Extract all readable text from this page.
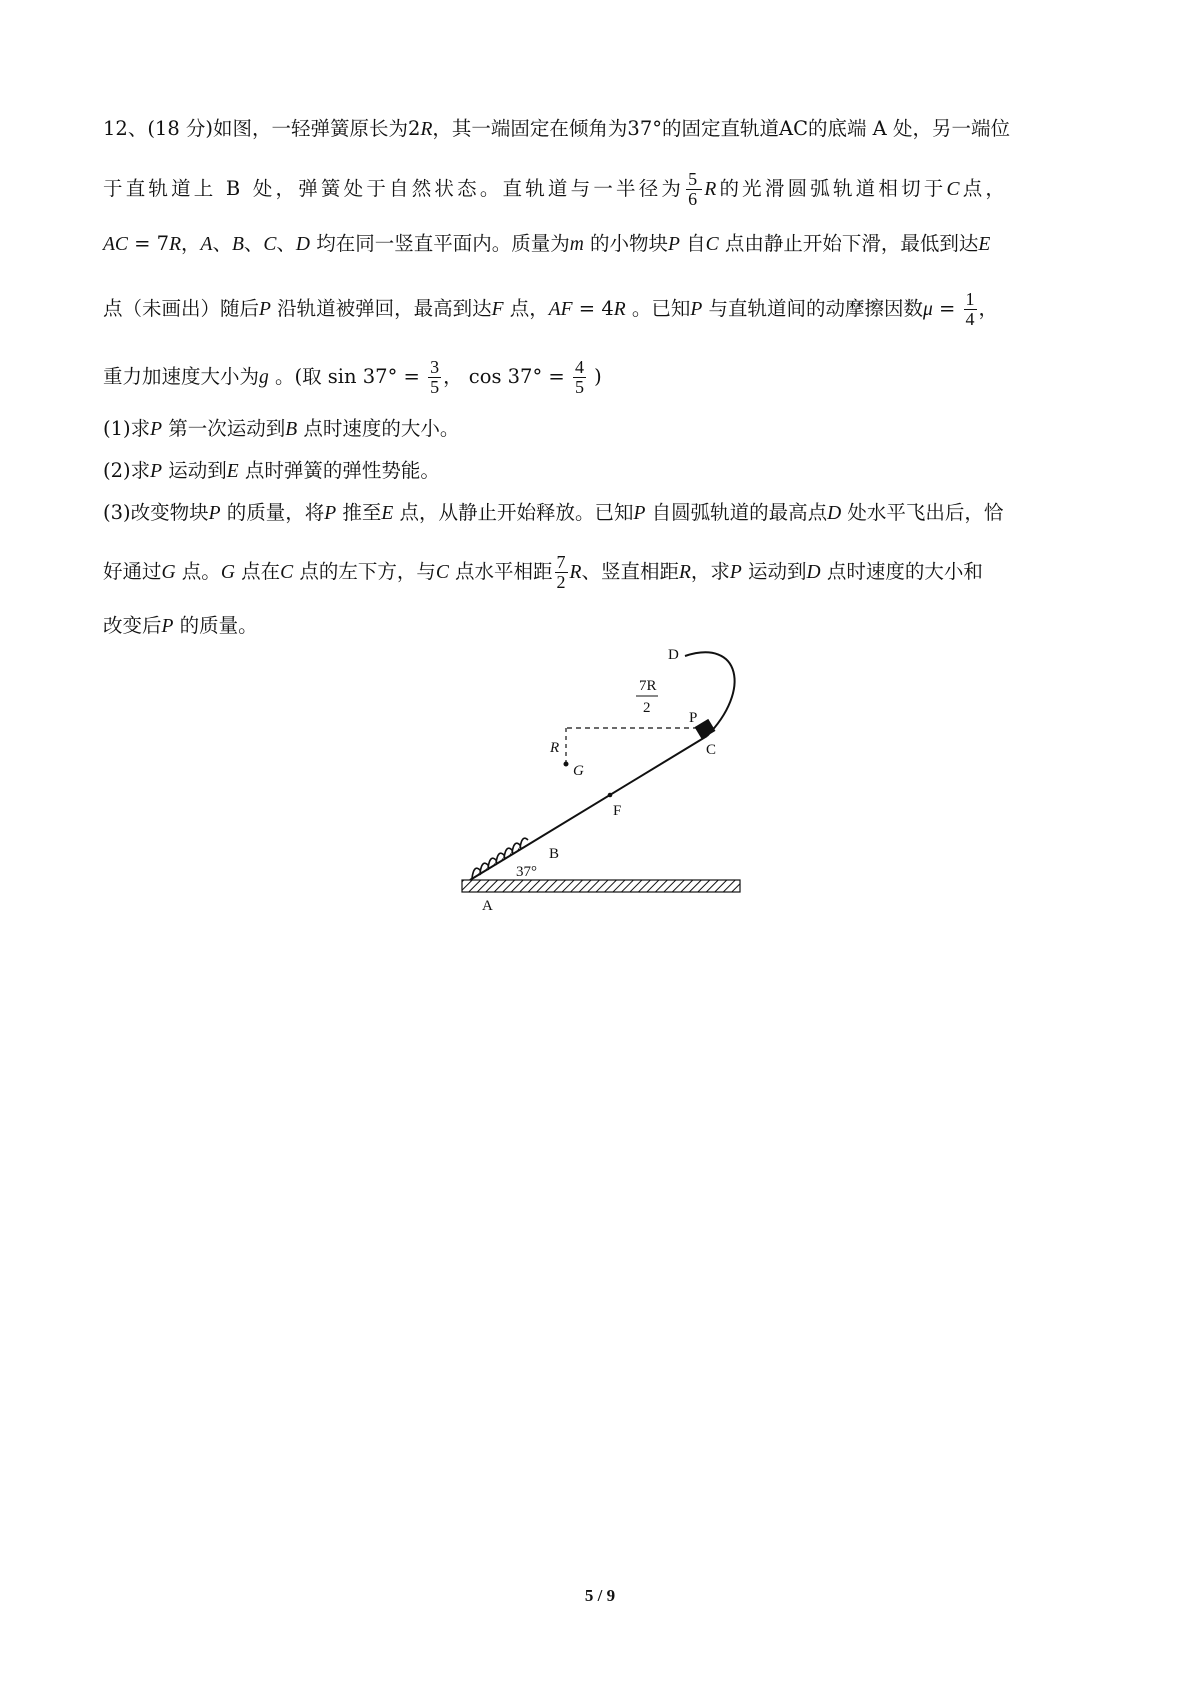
12、(18 分)如图，一轻弹簧原长为2R，其一端固定在倾角为37°的固定直轨道AC的底端 A 处，另一端位
于直轨道上 B 处，弹簧处于自然状态。直轨道与一半径为 $\frac{5}{6}$ R的光滑圆弧轨道相切于C点，
AC = 7R，A、B、C、D 均在同一竖直平面内。质量为m 的小物块P 自C 点由静止开始下滑，最低到达E
点（未画出）随后P 沿轨道被弹回，最高到达F 点，AF = 4R 。已知P 与直轨道间的动摩擦因数$\mu = \frac{1}{4}$ ，
重力加速度大小为g 。(取 $\sin 37^\circ = \frac{3}{5}$ ， $\cos 37^\circ = \frac{4}{5}$ )
(1)求P 第一次运动到B 点时速度的大小。
(2)求P 运动到E 点时弹簧的弹性势能。
(3)改变物块P 的质量，将P 推至E 点，从静止开始释放。已知P 自圆弧轨道的最高点D 处水平飞出后，恰
好通过G 点。G 点在C 点的左下方，与C 点水平相距 $\frac{7}{2}$ R、竖直相距R，求P 运动到D 点时速度的大小和
改变后P 的质量。
7R
2
D
P
C
R
G
F
B
37°
A
5 / 9
